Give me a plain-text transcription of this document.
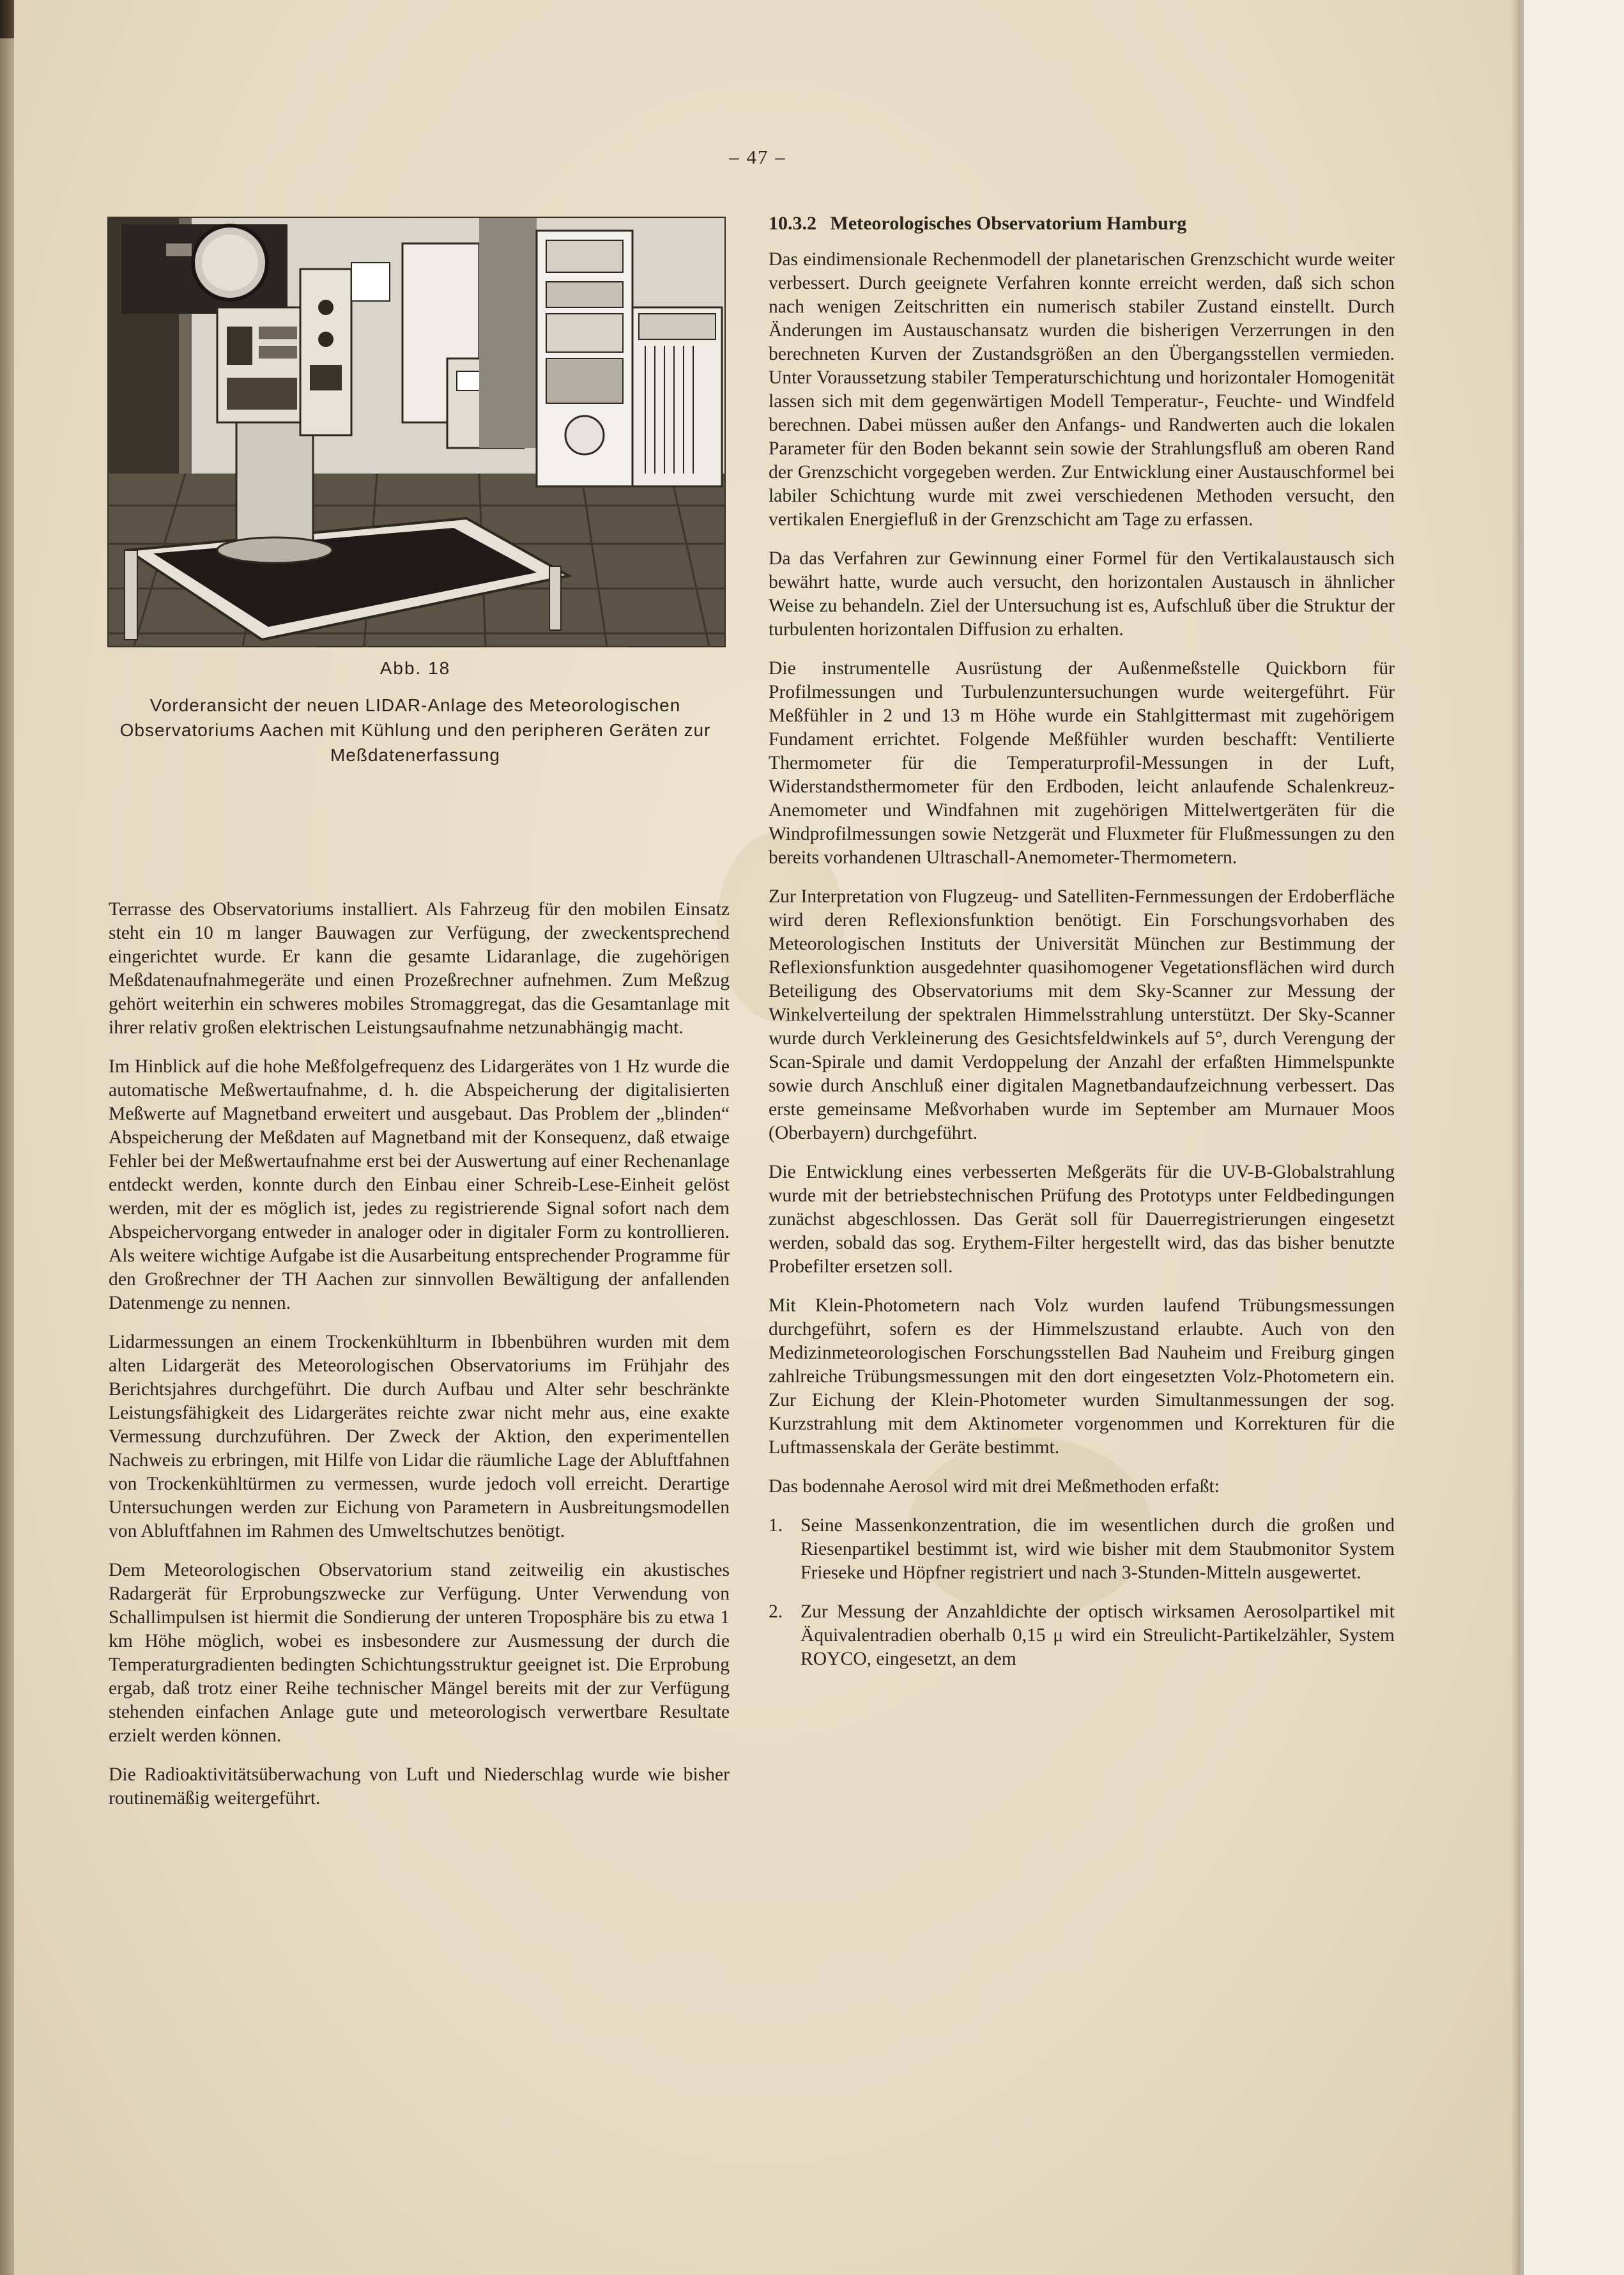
– 47 –
Abb. 18
Vorderansicht der neuen LIDAR-Anlage des Meteorologischen Observatoriums Aachen mit Kühlung und den peripheren Geräten zur Meßdatenerfassung

Terrasse des Observatoriums installiert. Als Fahrzeug für den mobilen Einsatz steht ein 10 m langer Bauwagen zur Verfügung, der zweckentsprechend eingerichtet wurde. Er kann die gesamte Lidaranlage, die zugehörigen Meßdatenaufnahmegeräte und einen Prozeßrechner aufnehmen. Zum Meßzug gehört weiterhin ein schweres mobiles Stromaggregat, das die Gesamtanlage mit ihrer relativ großen elektrischen Leistungsaufnahme netzunabhängig macht.

Im Hinblick auf die hohe Meßfolgefrequenz des Lidargerätes von 1 Hz wurde die automatische Meßwertaufnahme, d. h. die Abspeicherung der digitalisierten Meßwerte auf Magnetband erweitert und ausgebaut. Das Problem der „blinden“ Abspeicherung der Meßdaten auf Magnetband mit der Konsequenz, daß etwaige Fehler bei der Meßwertaufnahme erst bei der Auswertung auf einer Rechenanlage entdeckt werden, konnte durch den Einbau einer Schreib-Lese-Einheit gelöst werden, mit der es möglich ist, jedes zu registrierende Signal sofort nach dem Abspeichervorgang entweder in analoger oder in digitaler Form zu kontrollieren. Als weitere wichtige Aufgabe ist die Ausarbeitung entsprechender Programme für den Großrechner der TH Aachen zur sinnvollen Bewältigung der anfallenden Datenmenge zu nennen.

Lidarmessungen an einem Trockenkühlturm in Ibbenbühren wurden mit dem alten Lidargerät des Meteorologischen Observatoriums im Frühjahr des Berichtsjahres durchgeführt. Die durch Aufbau und Alter sehr beschränkte Leistungsfähigkeit des Lidargerätes reichte zwar nicht mehr aus, eine exakte Vermessung durchzuführen. Der Zweck der Aktion, den experimentellen Nachweis zu erbringen, mit Hilfe von Lidar die räumliche Lage der Abluftfahnen von Trockenkühltürmen zu vermessen, wurde jedoch voll erreicht. Derartige Untersuchungen werden zur Eichung von Parametern in Ausbreitungsmodellen von Abluftfahnen im Rahmen des Umweltschutzes benötigt.

Dem Meteorologischen Observatorium stand zeitweilig ein akustisches Radargerät für Erprobungszwecke zur Verfügung. Unter Verwendung von Schallimpulsen ist hiermit die Sondierung der unteren Troposphäre bis zu etwa 1 km Höhe möglich, wobei es insbesondere zur Ausmessung der durch die Temperaturgradienten bedingten Schichtungsstruktur geeignet ist. Die Erprobung ergab, daß trotz einer Reihe technischer Mängel bereits mit der zur Verfügung stehenden einfachen Anlage gute und meteorologisch verwertbare Resultate erzielt werden können.

Die Radioaktivitätsüberwachung von Luft und Niederschlag wurde wie bisher routinemäßig weitergeführt.

10.3.2 Meteorologisches Observatorium Hamburg

Das eindimensionale Rechenmodell der planetarischen Grenzschicht wurde weiter verbessert. Durch geeignete Verfahren konnte erreicht werden, daß sich schon nach wenigen Zeitschritten ein numerisch stabiler Zustand einstellt. Durch Änderungen im Austauschansatz wurden die bisherigen Verzerrungen in den berechneten Kurven der Zustandsgrößen an den Übergangsstellen vermieden. Unter Voraussetzung stabiler Temperaturschichtung und horizontaler Homogenität lassen sich mit dem gegenwärtigen Modell Temperatur-, Feuchte- und Windfeld berechnen. Dabei müssen außer den Anfangs- und Randwerten auch die lokalen Parameter für den Boden bekannt sein sowie der Strahlungsfluß am oberen Rand der Grenzschicht vorgegeben werden. Zur Entwicklung einer Austauschformel bei labiler Schichtung wurde mit zwei verschiedenen Methoden versucht, den vertikalen Energiefluß in der Grenzschicht am Tage zu erfassen.

Da das Verfahren zur Gewinnung einer Formel für den Vertikalaustausch sich bewährt hatte, wurde auch versucht, den horizontalen Austausch in ähnlicher Weise zu behandeln. Ziel der Untersuchung ist es, Aufschluß über die Struktur der turbulenten horizontalen Diffusion zu erhalten.

Die instrumentelle Ausrüstung der Außenmeßstelle Quickborn für Profilmessungen und Turbulenzuntersuchungen wurde weitergeführt. Für Meßfühler in 2 und 13 m Höhe wurde ein Stahlgittermast mit zugehörigem Fundament errichtet. Folgende Meßfühler wurden beschafft: Ventilierte Thermometer für die Temperaturprofil-Messungen in der Luft, Widerstandsthermometer für den Erdboden, leicht anlaufende Schalenkreuz-Anemometer und Windfahnen mit zugehörigen Mittelwertgeräten für die Windprofilmessungen sowie Netzgerät und Fluxmeter für Flußmessungen zu den bereits vorhandenen Ultraschall-Anemometer-Thermometern.

Zur Interpretation von Flugzeug- und Satelliten-Fernmessungen der Erdoberfläche wird deren Reflexionsfunktion benötigt. Ein Forschungsvorhaben des Meteorologischen Instituts der Universität München zur Bestimmung der Reflexionsfunktion ausgedehnter quasihomogener Vegetationsflächen wird durch Beteiligung des Observatoriums mit dem Sky-Scanner zur Messung der Winkelverteilung der spektralen Himmelsstrahlung unterstützt. Der Sky-Scanner wurde durch Verkleinerung des Gesichtsfeldwinkels auf 5°, durch Verengung der Scan-Spirale und damit Verdoppelung der Anzahl der erfaßten Himmelspunkte sowie durch Anschluß einer digitalen Magnetbandaufzeichnung verbessert. Das erste gemeinsame Meßvorhaben wurde im September am Murnauer Moos (Oberbayern) durchgeführt.

Die Entwicklung eines verbesserten Meßgeräts für die UV-B-Globalstrahlung wurde mit der betriebstechnischen Prüfung des Prototyps unter Feldbedingungen zunächst abgeschlossen. Das Gerät soll für Dauerregistrierungen eingesetzt werden, sobald das sog. Erythem-Filter hergestellt wird, das das bisher benutzte Probefilter ersetzen soll.

Mit Klein-Photometern nach Volz wurden laufend Trübungsmessungen durchgeführt, sofern es der Himmelszustand erlaubte. Auch von den Medizinmeteorologischen Forschungsstellen Bad Nauheim und Freiburg gingen zahlreiche Trübungsmessungen mit den dort eingesetzten Volz-Photometern ein. Zur Eichung der Klein-Photometer wurden Simultanmessungen der sog. Kurzstrahlung mit dem Aktinometer vorgenommen und Korrekturen für die Luftmassenskala der Geräte bestimmt.

Das bodennahe Aerosol wird mit drei Meßmethoden erfaßt:

1. Seine Massenkonzentration, die im wesentlichen durch die großen und Riesenpartikel bestimmt ist, wird wie bisher mit dem Staubmonitor System Frieseke und Höpfner registriert und nach 3-Stunden-Mitteln ausgewertet.
2. Zur Messung der Anzahldichte der optisch wirksamen Aerosolpartikel mit Äquivalentradien oberhalb 0,15 μ wird ein Streulicht-Partikelzähler, System ROYCO, eingesetzt, an dem
